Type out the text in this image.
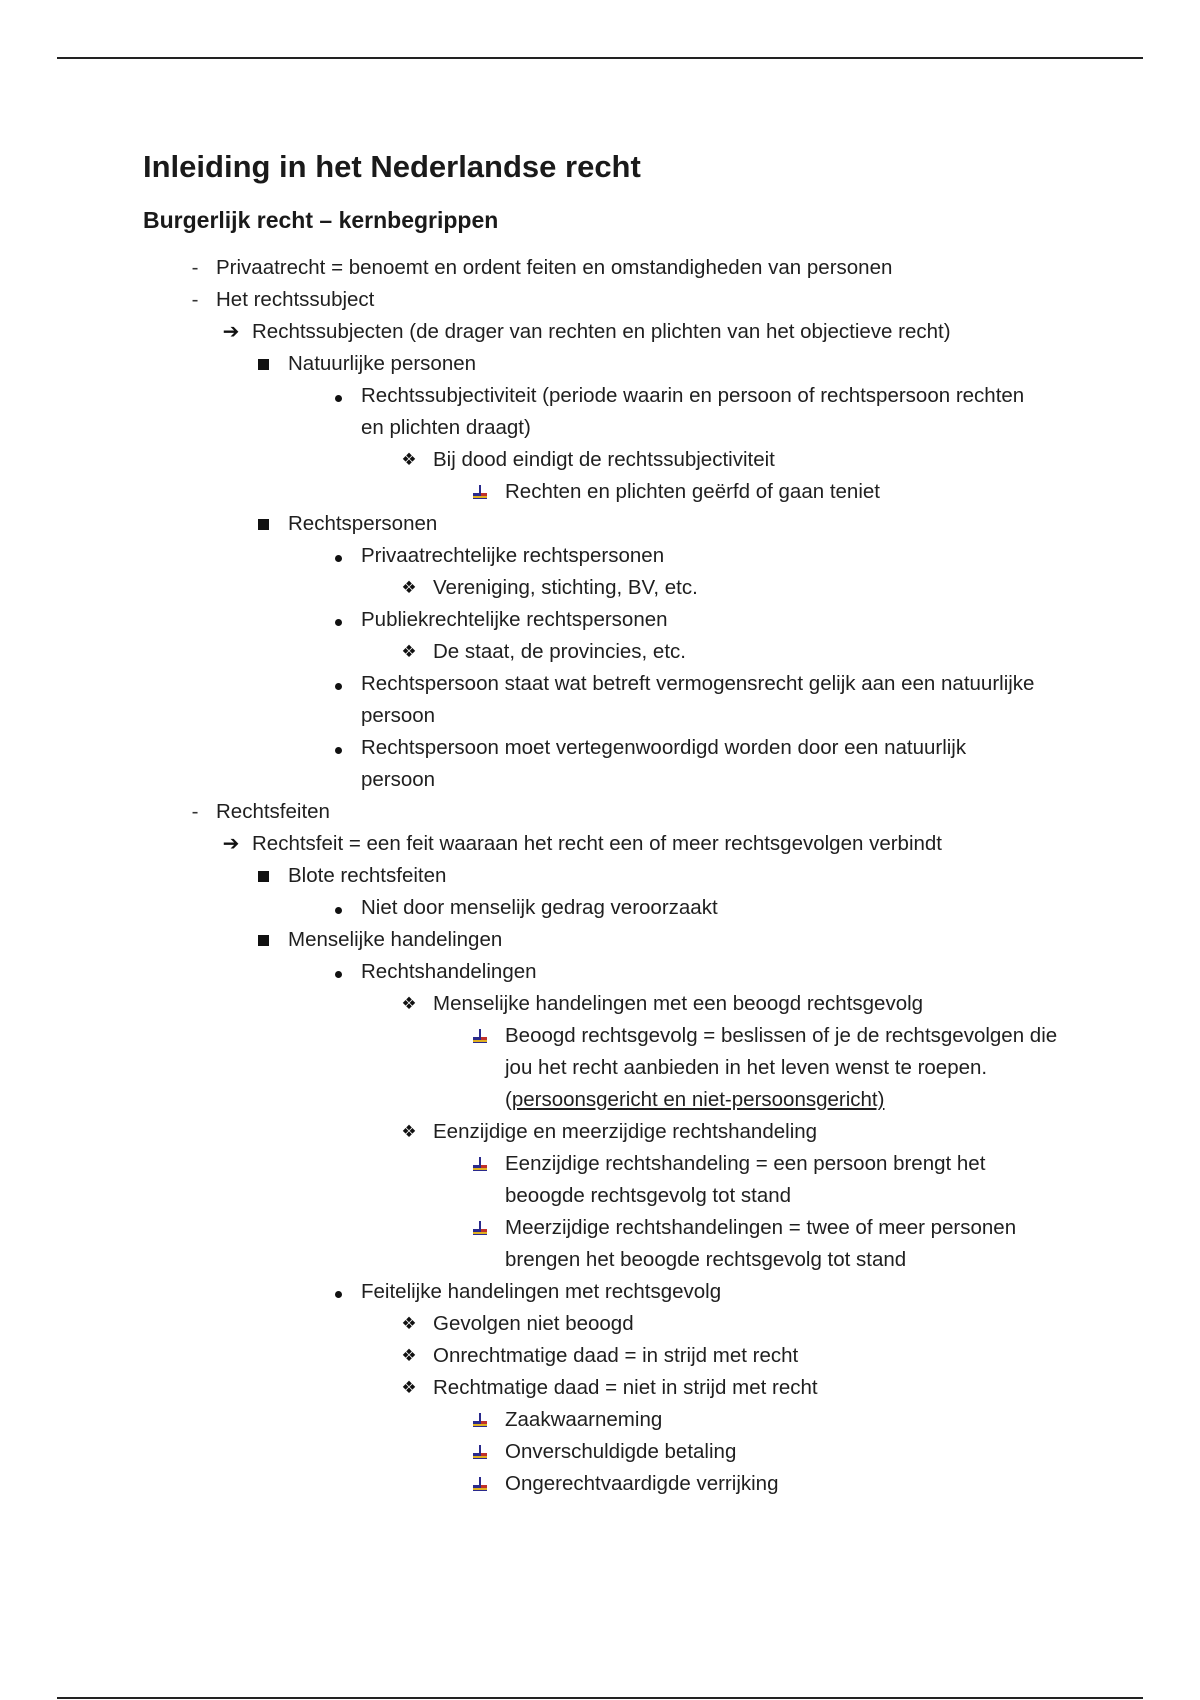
Inleiding in het Nederlandse recht
Burgerlijk recht – kernbegrippen
- Privaatrecht = benoemt en ordent feiten en omstandigheden van personen
- Het rechtssubject
➔ Rechtssubjecten (de drager van rechten en plichten van het objectieve recht)
Natuurlijke personen
Rechtssubjectiviteit (periode waarin en persoon of rechtspersoon rechten en plichten draagt)
❖ Bij dood eindigt de rechtssubjectiviteit
Rechten en plichten geërfd of gaan teniet
Rechtspersonen
Privaatrechtelijke rechtspersonen
❖ Vereniging, stichting, BV, etc.
Publiekrechtelijke rechtspersonen
❖ De staat, de provincies, etc.
Rechtspersoon staat wat betreft vermogensrecht gelijk aan een natuurlijke persoon
Rechtspersoon moet vertegenwoordigd worden door een natuurlijk persoon
- Rechtsfeiten
➔ Rechtsfeit = een feit waaraan het recht een of meer rechtsgevolgen verbindt
Blote rechtsfeiten
Niet door menselijk gedrag veroorzaakt
Menselijke handelingen
Rechtshandelingen
❖ Menselijke handelingen met een beoogd rechtsgevolg
Beoogd rechtsgevolg = beslissen of je de rechtsgevolgen die jou het recht aanbieden in het leven wenst te roepen. (persoonsgericht en niet-persoonsgericht)
❖ Eenzijdige en meerzijdige rechtshandeling
Eenzijdige rechtshandeling = een persoon brengt het beoogde rechtsgevolg tot stand
Meerzijdige rechtshandelingen = twee of meer personen brengen het beoogde rechtsgevolg tot stand
Feitelijke handelingen met rechtsgevolg
❖ Gevolgen niet beoogd
❖ Onrechtmatige daad = in strijd met recht
❖ Rechtmatige daad = niet in strijd met recht
Zaakwaarneming
Onverschuldigde betaling
Ongerechtvaardigde verrijking
